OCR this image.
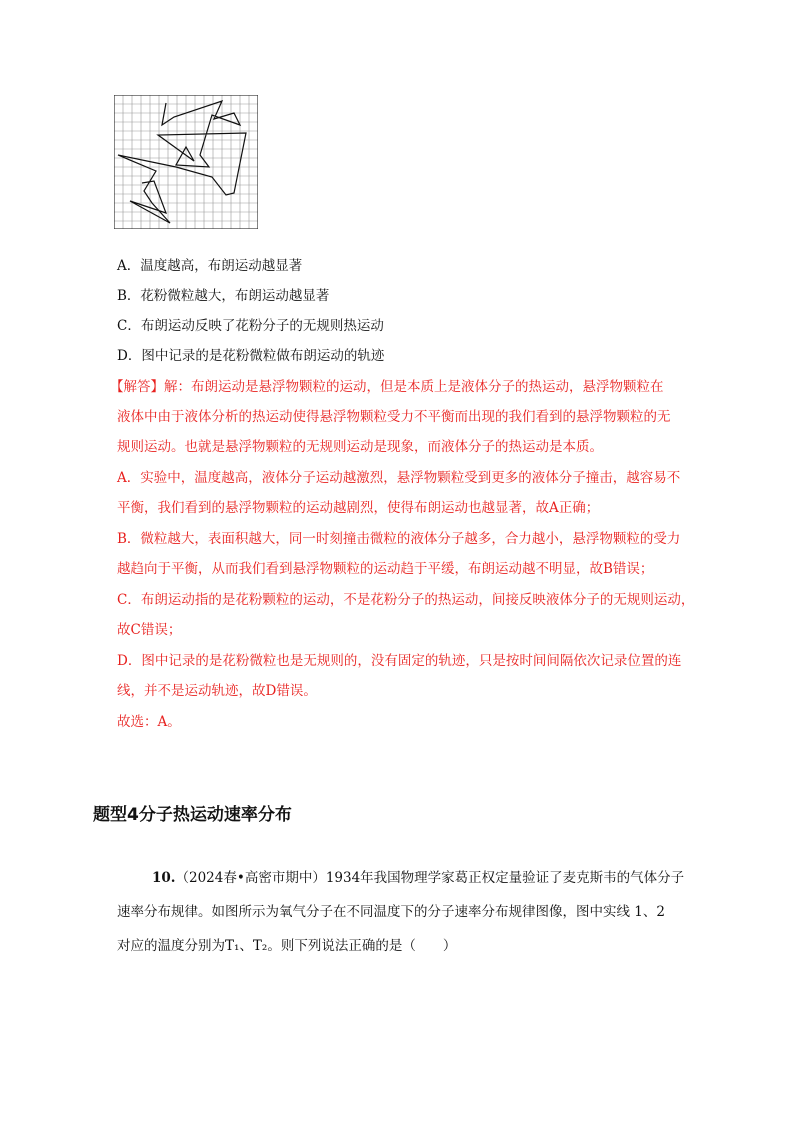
A．温度越高，布朗运动越显著
B．花粉微粒越大，布朗运动越显著
C．布朗运动反映了花粉分子的无规则热运动
D．图中记录的是花粉微粒做布朗运动的轨迹
【解答】解：布朗运动是悬浮物颗粒的运动，但是本质上是液体分子的热运动，悬浮物颗粒在
液体中由于液体分析的热运动使得悬浮物颗粒受力不平衡而出现的我们看到的悬浮物颗粒的无
规则运动。也就是悬浮物颗粒的无规则运动是现象，而液体分子的热运动是本质。
A．实验中，温度越高，液体分子运动越激烈，悬浮物颗粒受到更多的液体分子撞击，越容易不
平衡，我们看到的悬浮物颗粒的运动越剧烈，使得布朗运动也越显著，故A正确；
B．微粒越大，表面积越大，同一时刻撞击微粒的液体分子越多，合力越小，悬浮物颗粒的受力
越趋向于平衡，从而我们看到悬浮物颗粒的运动趋于平缓，布朗运动越不明显，故B错误；
C．布朗运动指的是花粉颗粒的运动，不是花粉分子的热运动，间接反映液体分子的无规则运动，
故C错误；
D．图中记录的是花粉微粒也是无规则的，没有固定的轨迹，只是按时间间隔依次记录位置的连
线，并不是运动轨迹，故D错误。
故选：A。
题型4分子热运动速率分布
10.（2024春•高密市期中）1934年我国物理学家葛正权定量验证了麦克斯韦的气体分子
速率分布规律。如图所示为氧气分子在不同温度下的分子速率分布规律图像，图中实线 1、2
对应的温度分别为T₁、T₂。则下列说法正确的是（　　）
